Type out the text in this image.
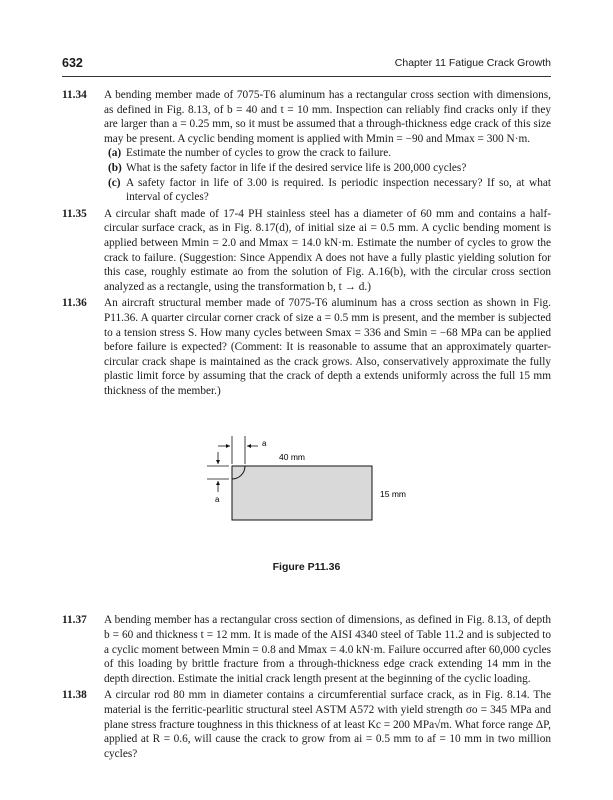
632	Chapter 11 Fatigue Crack Growth
11.34 A bending member made of 7075-T6 aluminum has a rectangular cross section with dimensions, as defined in Fig. 8.13, of b = 40 and t = 10 mm. Inspection can reliably find cracks only if they are larger than a = 0.25 mm, so it must be assumed that a through-thickness edge crack of this size may be present. A cyclic bending moment is applied with Mmin = −90 and Mmax = 300 N·m.

(a) Estimate the number of cycles to grow the crack to failure.
(b) What is the safety factor in life if the desired service life is 200,000 cycles?
(c) A safety factor in life of 3.00 is required. Is periodic inspection necessary? If so, at what interval of cycles?
11.35 A circular shaft made of 17-4 PH stainless steel has a diameter of 60 mm and contains a half-circular surface crack, as in Fig. 8.17(d), of initial size ai = 0.5 mm. A cyclic bending moment is applied between Mmin = 2.0 and Mmax = 14.0 kN·m. Estimate the number of cycles to grow the crack to failure. (Suggestion: Since Appendix A does not have a fully plastic yielding solution for this case, roughly estimate ao from the solution of Fig. A.16(b), with the circular cross section analyzed as a rectangle, using the transformation b, t → d.)

11.36 An aircraft structural member made of 7075-T6 aluminum has a cross section as shown in Fig. P11.36. A quarter circular corner crack of size a = 0.5 mm is present, and the member is subjected to a tension stress S. How many cycles between Smax = 336 and Smin = −68 MPa can be applied before failure is expected? (Comment: It is reasonable to assume that an approximately quarter-circular crack shape is maintained as the crack grows. Also, conservatively approximate the fully plastic limit force by assuming that the crack of depth a extends uniformly across the full 15 mm thickness of the member.)

a
a
40 mm
15 mm
Figure P11.36
11.37 A bending member has a rectangular cross section of dimensions, as defined in Fig. 8.13, of depth b = 60 and thickness t = 12 mm. It is made of the AISI 4340 steel of Table 11.2 and is subjected to a cyclic moment between Mmin = 0.8 and Mmax = 4.0 kN·m. Failure occurred after 60,000 cycles of this loading by brittle fracture from a through-thickness edge crack extending 14 mm in the depth direction. Estimate the initial crack length present at the beginning of the cyclic loading.

11.38 A circular rod 80 mm in diameter contains a circumferential surface crack, as in Fig. 8.14. The material is the ferritic-pearlitic structural steel ASTM A572 with yield strength σo = 345 MPa and plane stress fracture toughness in this thickness of at least Kc = 200 MPa√m. What force range ΔP, applied at R = 0.6, will cause the crack to grow from ai = 0.5 mm to af = 10 mm in two million cycles?
